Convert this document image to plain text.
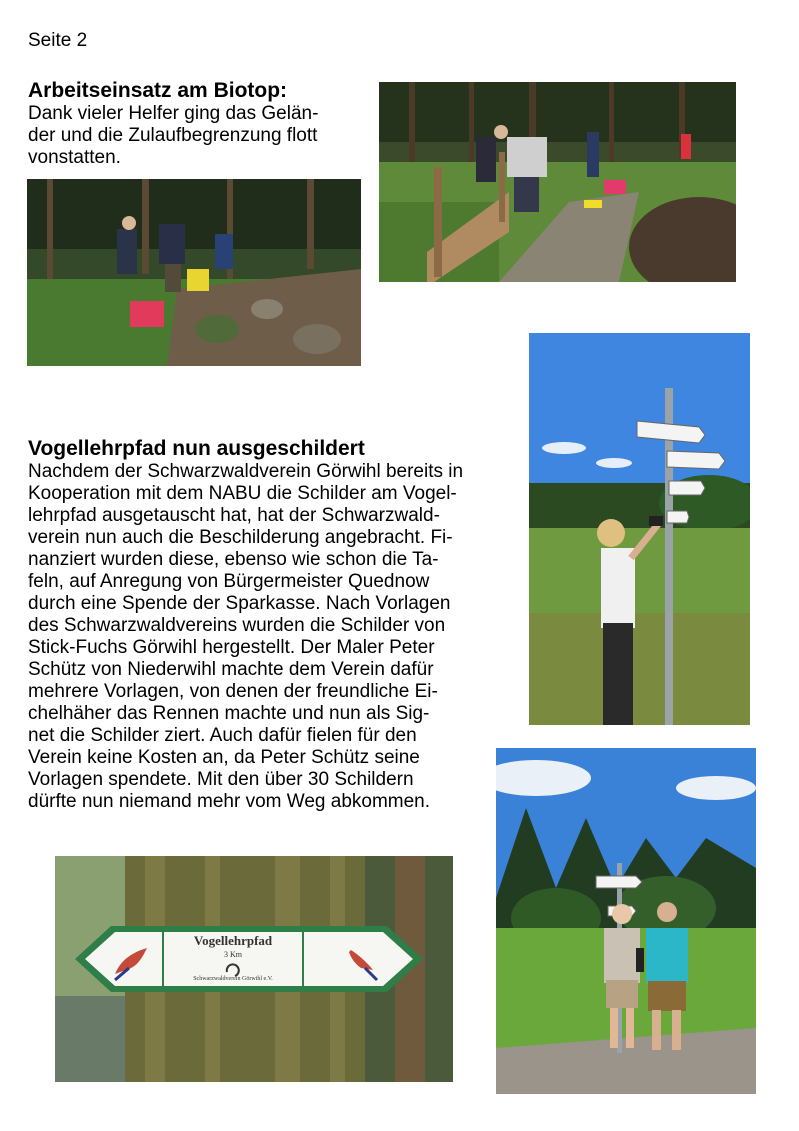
Seite 2
Arbeitseinsatz am Biotop:
Dank vieler Helfer ging das Gelän-
der und die Zulaufbegrenzung flott
vonstatten.
Vogellehrpfad nun ausgeschildert
Nachdem der Schwarzwaldverein Görwihl bereits in
Kooperation mit dem NABU die Schilder am Vogel-
lehrpfad ausgetauscht hat, hat der Schwarzwald-
verein nun auch die Beschilderung angebracht. Fi-
nanziert wurden diese, ebenso wie schon die Ta-
feln, auf Anregung von Bürgermeister Quednow
durch eine Spende der Sparkasse. Nach Vorlagen
des Schwarzwaldvereins wurden die Schilder von
Stick-Fuchs Görwihl hergestellt. Der Maler Peter
Schütz von Niederwihl machte dem Verein dafür
mehrere Vorlagen, von denen der freundliche Ei-
chelhäher das Rennen machte und nun als Sig-
net die Schilder ziert. Auch dafür fielen für den
Verein keine Kosten an, da Peter Schütz seine
Vorlagen spendete. Mit den über 30 Schildern
dürfte nun niemand mehr vom Weg abkommen.
Vogellehrpfad
3 Km
Schwarzwaldverein Görwihl e.V.
